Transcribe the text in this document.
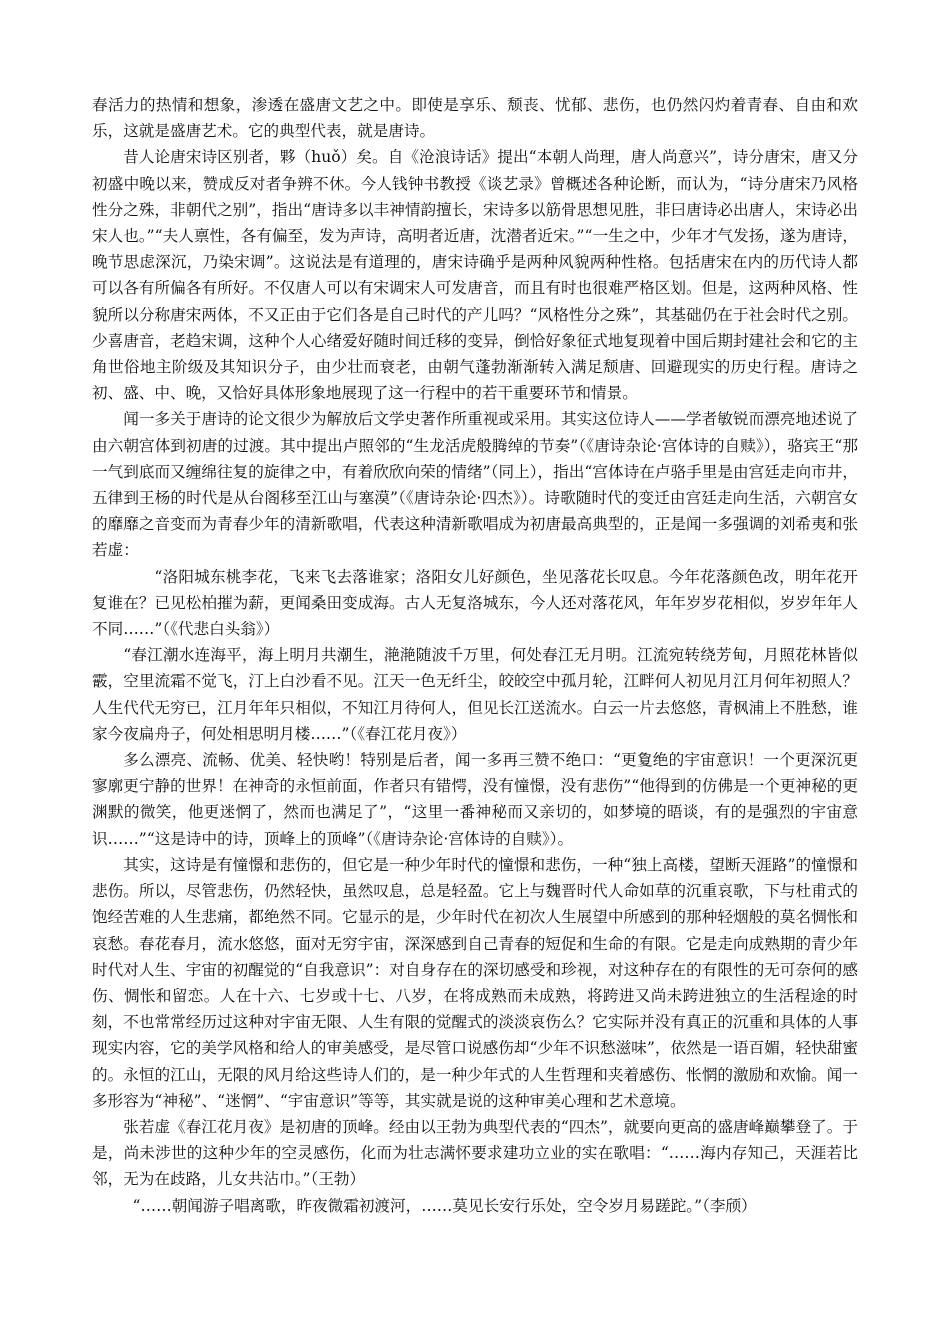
春活力的热情和想象，渗透在盛唐文艺之中。即使是享乐、颓丧、忧郁、悲伤，也仍然闪灼着青春、自由和欢乐，这就是盛唐艺术。它的典型代表，就是唐诗。

昔人论唐宋诗区别者，夥（huǒ）矣。自《沧浪诗话》提出“本朝人尚理，唐人尚意兴”，诗分唐宋，唐又分初盛中晚以来，赞成反对者争辨不休。今人钱钟书教授《谈艺录》曾概述各种论断，而认为，“诗分唐宋乃风格性分之殊，非朝代之别”，指出“唐诗多以丰神情韵擅长，宋诗多以筋骨思想见胜，非曰唐诗必出唐人，宋诗必出宋人也。”“夫人禀性，各有偏至，发为声诗，高明者近唐，沈潜者近宋。”“一生之中，少年才气发扬，遂为唐诗，晚节思虑深沉，乃染宋调”。这说法是有道理的，唐宋诗确乎是两种风貌两种性格。包括唐宋在内的历代诗人都可以各有所偏各有所好。不仅唐人可以有宋调宋人可发唐音，而且有时也很难严格区划。但是，这两种风格、性貌所以分称唐宋两体，不又正由于它们各是自己时代的产儿吗？“风格性分之殊”，其基础仍在于社会时代之别。少喜唐音，老趋宋调，这种个人心绪爱好随时间迁移的变异，倒恰好象征式地复现着中国后期封建社会和它的主角世俗地主阶级及其知识分子，由少壮而衰老，由朝气蓬勃渐渐转入满足颓唐、回避现实的历史行程。唐诗之初、盛、中、晚，又恰好具体形象地展现了这一行程中的若干重要环节和情景。

闻一多关于唐诗的论文很少为解放后文学史著作所重视或采用。其实这位诗人——学者敏锐而漂亮地述说了由六朝宫体到初唐的过渡。其中提出卢照邻的“生龙活虎般腾绰的节奏”（《唐诗杂论·宫体诗的自赎》），骆宾王“那一气到底而又缠绵往复的旋律之中，有着欣欣向荣的情绪”（同上），指出“宫体诗在卢骆手里是由宫廷走向市井，五律到王杨的时代是从台阁移至江山与塞漠”（《唐诗杂论·四杰》）。诗歌随时代的变迁由宫廷走向生活，六朝宫女的靡靡之音变而为青春少年的清新歌唱，代表这种清新歌唱成为初唐最高典型的，正是闻一多强调的刘希夷和张若虚：

“洛阳城东桃李花，飞来飞去落谁家；洛阳女儿好颜色，坐见落花长叹息。今年花落颜色改，明年花开复谁在？已见松柏摧为薪，更闻桑田变成海。古人无复洛城东，今人还对落花风，年年岁岁花相似，岁岁年年人不同……”（《代悲白头翁》）

“春江潮水连海平，海上明月共潮生，滟滟随波千万里，何处春江无月明。江流宛转绕芳甸，月照花林皆似霰，空里流霜不觉飞，汀上白沙看不见。江天一色无纤尘，皎皎空中孤月轮，江畔何人初见月江月何年初照人？人生代代无穷已，江月年年只相似，不知江月待何人，但见长江送流水。白云一片去悠悠，青枫浦上不胜愁，谁家今夜扁舟子，何处相思明月楼……”（《春江花月夜》）

多么漂亮、流畅、优美、轻快哟！特别是后者，闻一多再三赞不绝口：“更夐绝的宇宙意识！一个更深沉更寥廓更宁静的世界！在神奇的永恒前面，作者只有错愕，没有憧憬，没有悲伤”“他得到的仿佛是一个更神秘的更渊默的微笑，他更迷惘了，然而也满足了”，“这里一番神秘而又亲切的，如梦境的晤谈，有的是强烈的宇宙意识……”“这是诗中的诗，顶峰上的顶峰”（《唐诗杂论·宫体诗的自赎》）。

其实，这诗是有憧憬和悲伤的，但它是一种少年时代的憧憬和悲伤，一种“独上高楼，望断天涯路”的憧憬和悲伤。所以，尽管悲伤，仍然轻快，虽然叹息，总是轻盈。它上与魏晋时代人命如草的沉重哀歌，下与杜甫式的饱经苦难的人生悲痛，都绝然不同。它显示的是，少年时代在初次人生展望中所感到的那种轻烟般的莫名惆怅和哀愁。春花春月，流水悠悠，面对无穷宇宙，深深感到自己青春的短促和生命的有限。它是走向成熟期的青少年时代对人生、宇宙的初醒觉的“自我意识”：对自身存在的深切感受和珍视，对这种存在的有限性的无可奈何的感伤、惆怅和留恋。人在十六、七岁或十七、八岁，在将成熟而未成熟，将跨进又尚未跨进独立的生活程途的时刻，不也常常经历过这种对宇宙无限、人生有限的觉醒式的淡淡哀伤么？它实际并没有真正的沉重和具体的人事现实内容，它的美学风格和给人的审美感受，是尽管口说感伤却“少年不识愁滋味”，依然是一语百媚，轻快甜蜜的。永恒的江山，无限的风月给这些诗人们的，是一种少年式的人生哲理和夹着感伤、怅惘的激励和欢愉。闻一多形容为“神秘”、“迷惘”、“宇宙意识”等等，其实就是说的这种审美心理和艺术意境。

张若虚《春江花月夜》是初唐的顶峰。经由以王勃为典型代表的“四杰”，就要向更高的盛唐峰巅攀登了。于是，尚未涉世的这种少年的空灵感伤，化而为壮志满怀要求建功立业的实在歌唱：“……海内存知己，天涯若比邻，无为在歧路，儿女共沾巾。”（王勃）

“……朝闻游子唱离歌，昨夜微霜初渡河，……莫见长安行乐处，空令岁月易蹉跎。”（李颀）
